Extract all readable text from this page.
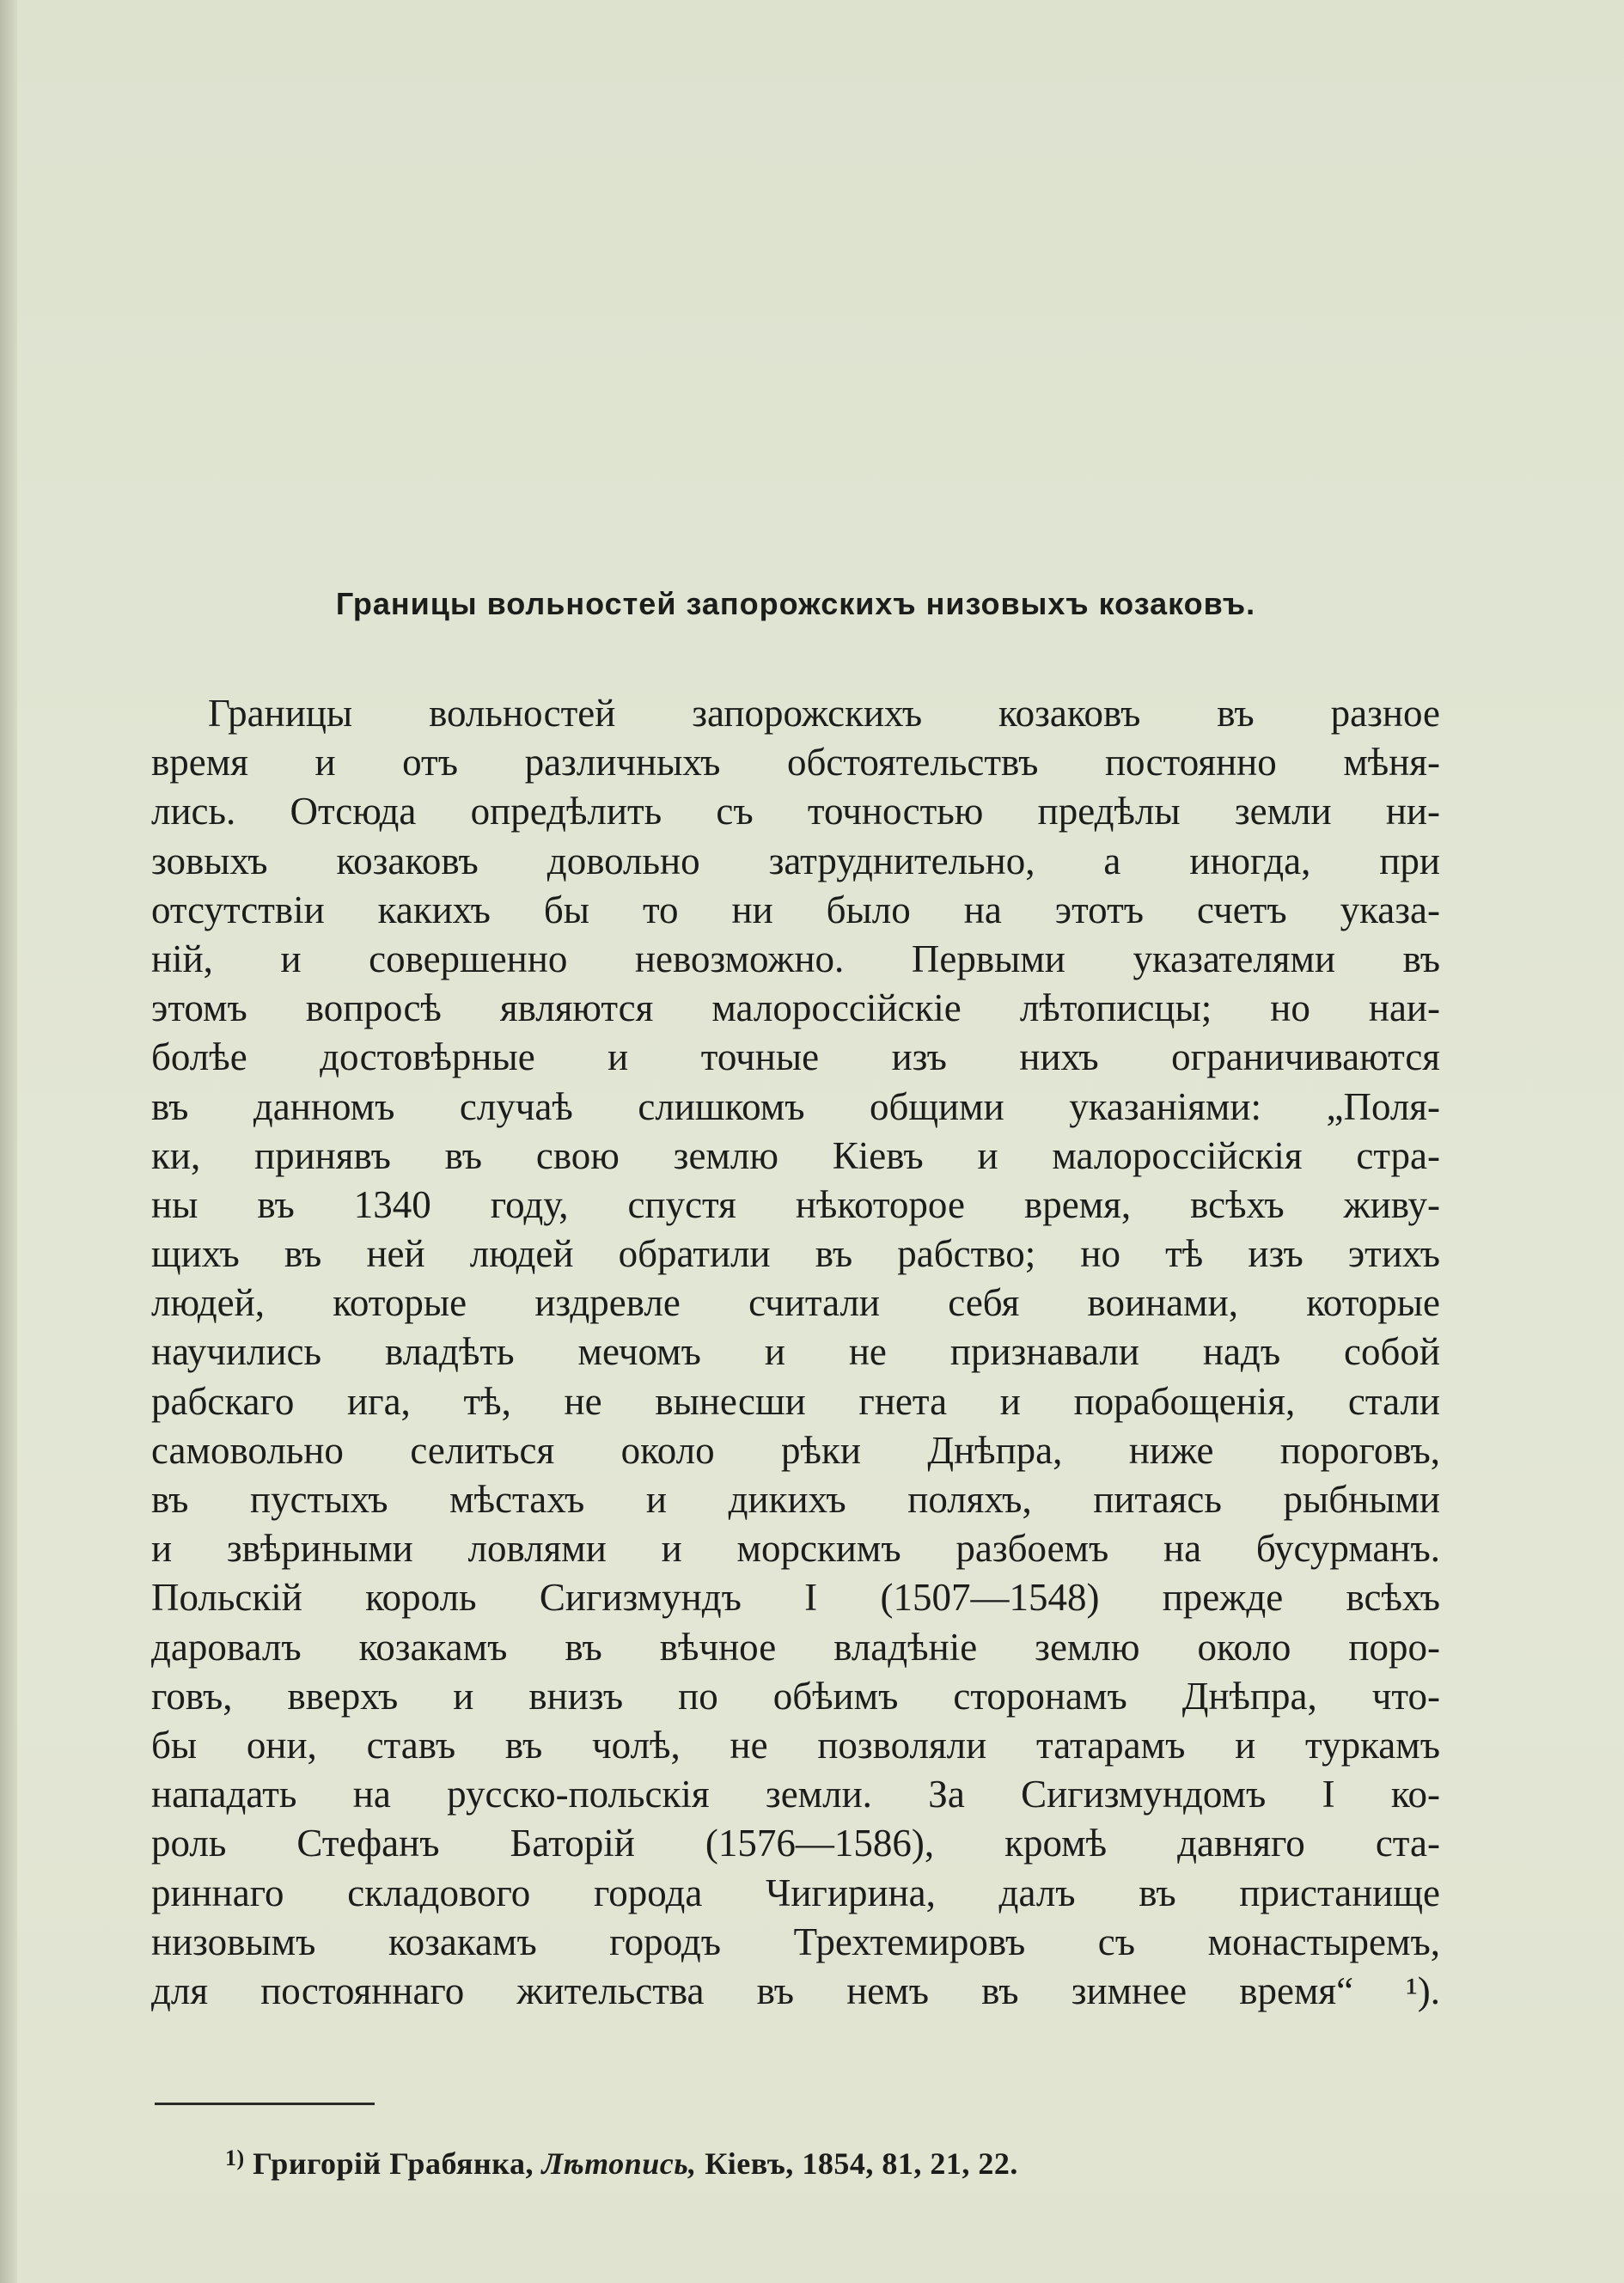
Границы вольностей запорожскихъ низовыхъ козаковъ.
Границы вольностей запорожскихъ козаковъ въ разное
время и отъ различныхъ обстоятельствъ постоянно мѣня-
лись. Отсюда опредѣлить съ точностью предѣлы земли ни-
зовыхъ козаковъ довольно затруднительно, а иногда, при
отсутствіи какихъ бы то ни было на этотъ счетъ указа-
ній, и совершенно невозможно. Первыми указателями въ
этомъ вопросѣ являются малороссійскіе лѣтописцы; но наи-
болѣе достовѣрные и точные изъ нихъ ограничиваются
въ данномъ случаѣ слишкомъ общими указаніями: „Поля-
ки, принявъ въ свою землю Кіевъ и малороссійскія стра-
ны въ 1340 году, спустя нѣкоторое время, всѣхъ живу-
щихъ въ ней людей обратили въ рабство; но тѣ изъ этихъ
людей, которые издревле считали себя воинами, которые
научились владѣть мечомъ и не признавали надъ собой
рабскаго ига, тѣ, не вынесши гнета и порабощенія, стали
самовольно селиться около рѣки Днѣпра, ниже пороговъ,
въ пустыхъ мѣстахъ и дикихъ поляхъ, питаясь рыбными
и звѣриными ловлями и морскимъ разбоемъ на бусурманъ.
Польскій король Сигизмундъ I (1507—1548) прежде всѣхъ
даровалъ козакамъ въ вѣчное владѣніе землю около поро-
говъ, вверхъ и внизъ по обѣимъ сторонамъ Днѣпра, что-
бы они, ставъ въ чолѣ, не позволяли татарамъ и туркамъ
нападать на русско-польскія земли. За Сигизмундомъ I ко-
роль Стефанъ Баторій (1576—1586), кромѣ давняго ста-
риннаго складового города Чигирина, далъ въ пристанище
низовымъ козакамъ городъ Трехтемировъ съ монастыремъ,
для постояннаго жительства въ немъ въ зимнее время“ ¹).
$^{1)}$ Григорій Грабянка, Лѣтопись, Кіевъ, 1854, 81, 21, 22.
